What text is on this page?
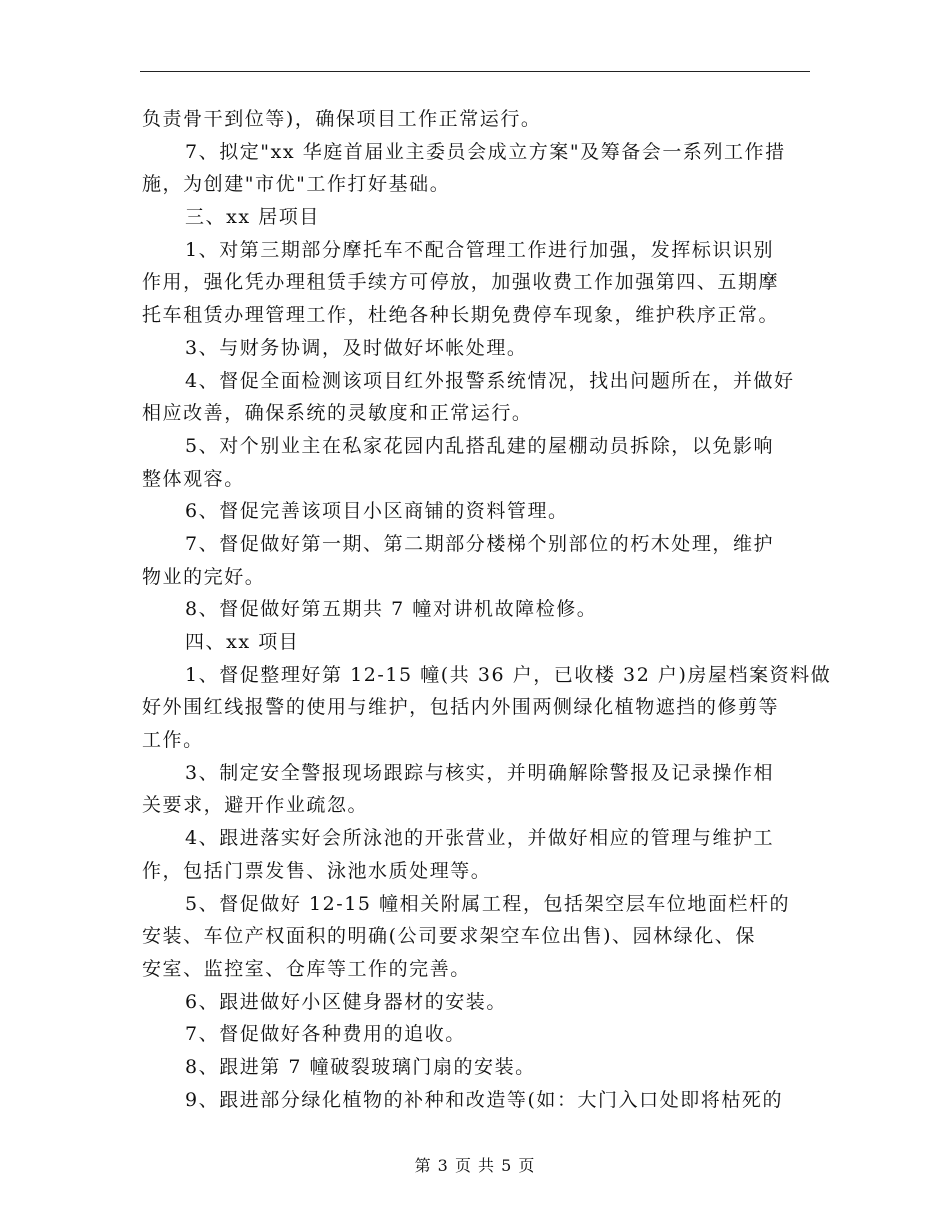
负责骨干到位等)，确保项目工作正常运行。
7、拟定"xx 华庭首届业主委员会成立方案"及筹备会一系列工作措
施，为创建"市优"工作打好基础。
三、xx 居项目
1、对第三期部分摩托车不配合管理工作进行加强，发挥标识识别
作用，强化凭办理租赁手续方可停放，加强收费工作加强第四、五期摩
托车租赁办理管理工作，杜绝各种长期免费停车现象，维护秩序正常。
3、与财务协调，及时做好坏帐处理。
4、督促全面检测该项目红外报警系统情况，找出问题所在，并做好
相应改善，确保系统的灵敏度和正常运行。
5、对个别业主在私家花园内乱搭乱建的屋棚动员拆除，以免影响
整体观容。
6、督促完善该项目小区商铺的资料管理。
7、督促做好第一期、第二期部分楼梯个别部位的朽木处理，维护
物业的完好。
8、督促做好第五期共 7 幢对讲机故障检修。
四、xx 项目
1、督促整理好第 12-15 幢(共 36 户，已收楼 32 户)房屋档案资料做
好外围红线报警的使用与维护，包括内外围两侧绿化植物遮挡的修剪等
工作。
3、制定安全警报现场跟踪与核实，并明确解除警报及记录操作相
关要求，避开作业疏忽。
4、跟进落实好会所泳池的开张营业，并做好相应的管理与维护工
作，包括门票发售、泳池水质处理等。
5、督促做好 12-15 幢相关附属工程，包括架空层车位地面栏杆的
安装、车位产权面积的明确(公司要求架空车位出售)、园林绿化、保
安室、监控室、仓库等工作的完善。
6、跟进做好小区健身器材的安装。
7、督促做好各种费用的追收。
8、跟进第 7 幢破裂玻璃门扇的安装。
9、跟进部分绿化植物的补种和改造等(如：大门入口处即将枯死的
第 3 页 共 5 页
